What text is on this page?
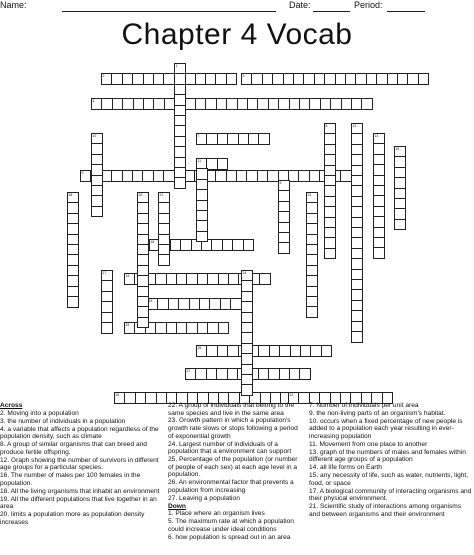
Name:	Date:	Period:
Chapter 4 Vocab
2	3
4
7
9
11
16
14
19
24
25
27
26	22
1
8
10
12
13
15
18	20	21	23
24
17
5

Across

2. Moving into a population

3. the number of individuals in a population

4. a variable that affects a population regardless of the population density, such as climate

8. A group of similar organisms that can breed and produce fertile offspring.

12. Graph showing the number of survivors in different age groups for a particular species.

16. The number of males per 100 females in the population.

18. All the living organisms that inhabit an environment

19. All the different populations that live together in an area

20. limits a population more as population density increases

22. A group of individuals that belong to the same species and live in the same area

23. Growth pattern in which a population's growth rate slows or stops following a period of exponential growth

24. Largest number of individuals of a population that a environment can support

25. Percentage of the population (or number of people of each sex) at each age level in a population.

26. An environmental factor that prevents a population from increasing

27. Leaving a population

Down

1. Place where an organism lives

5. The maximum rate at which a population could increase under ideal conditions

6. how population is spread out in an area

7. Number of individuals per unit area

9. the non-living parts of an organism's habitat.

10. occurs when a fixed percentage of new people is added to a population each year resulting in ever-increasing population

11. Movement from one place to another

13. graph of the numbers of males and females within different age groups of a population

14. all life forms on Earth

15. any necessity of life, such as water, nutrients, light, food, or space

17. A biological community of interacting organisms and their physical environment.

21. Scientific study of interactions among organisms and between organisms and their environment
